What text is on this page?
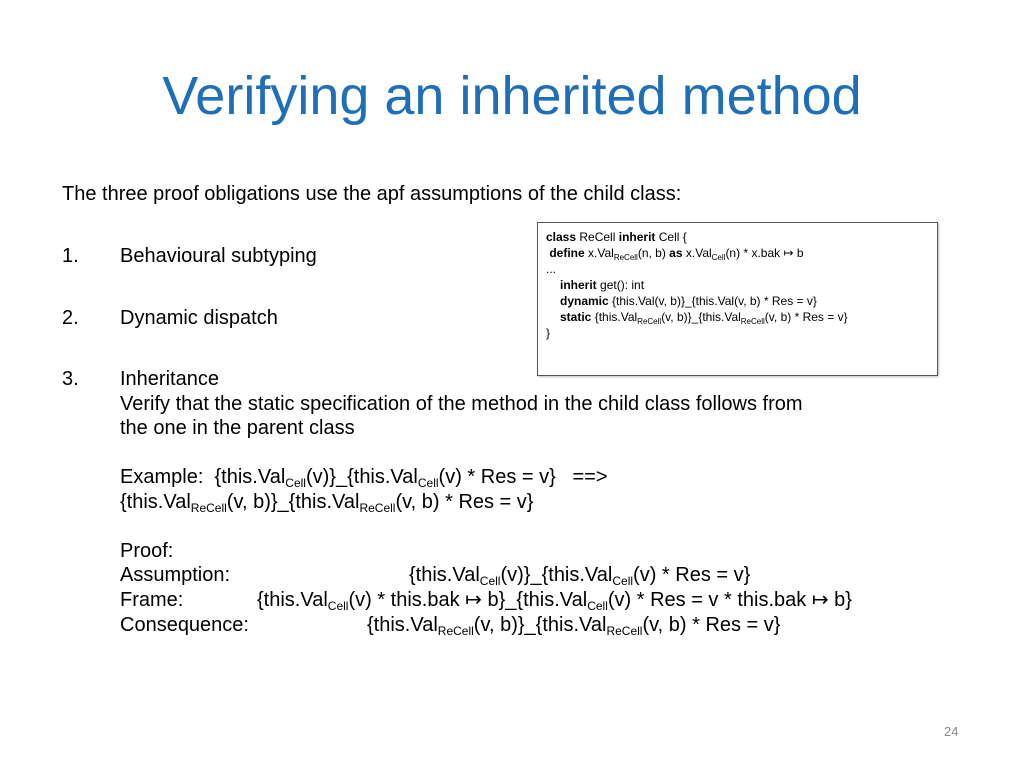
Verifying an inherited method
The three proof obligations use the apf assumptions of the child class:
1. Behavioural subtyping
2. Dynamic dispatch
3. Inheritance
Verify that the static specification of the method in the child class follows from
the one in the parent class
Example:  {this.Val$_{Cell}$(v)}_{this.Val$_{Cell}$(v) * Res = v}   ==>
{this.Val$_{ReCell}$(v, b)}_{this.Val$_{ReCell}$(v, b) * Res = v}
Proof:
Assumption:	{this.Val$_{Cell}$(v)}_{this.Val$_{Cell}$(v) * Res = v}
Frame:	{this.Val$_{Cell}$(v) * this.bak ↦ b}_{this.Val$_{Cell}$(v) * Res = v * this.bak ↦ b}
Consequence:	{this.Val$_{ReCell}$(v, b)}_{this.Val$_{ReCell}$(v, b) * Res = v}
class ReCell inherit Cell {
define x.Val$_{ReCell}$(n, b) as x.Val$_{Cell}$(n) * x.bak ↦ b
...
inherit get(): int
dynamic {this.Val(v, b)}_{this.Val(v, b) * Res = v}
static {this.Val$_{ReCell}$(v, b)}_{this.Val$_{ReCell}$(v, b) * Res = v}
}
24
